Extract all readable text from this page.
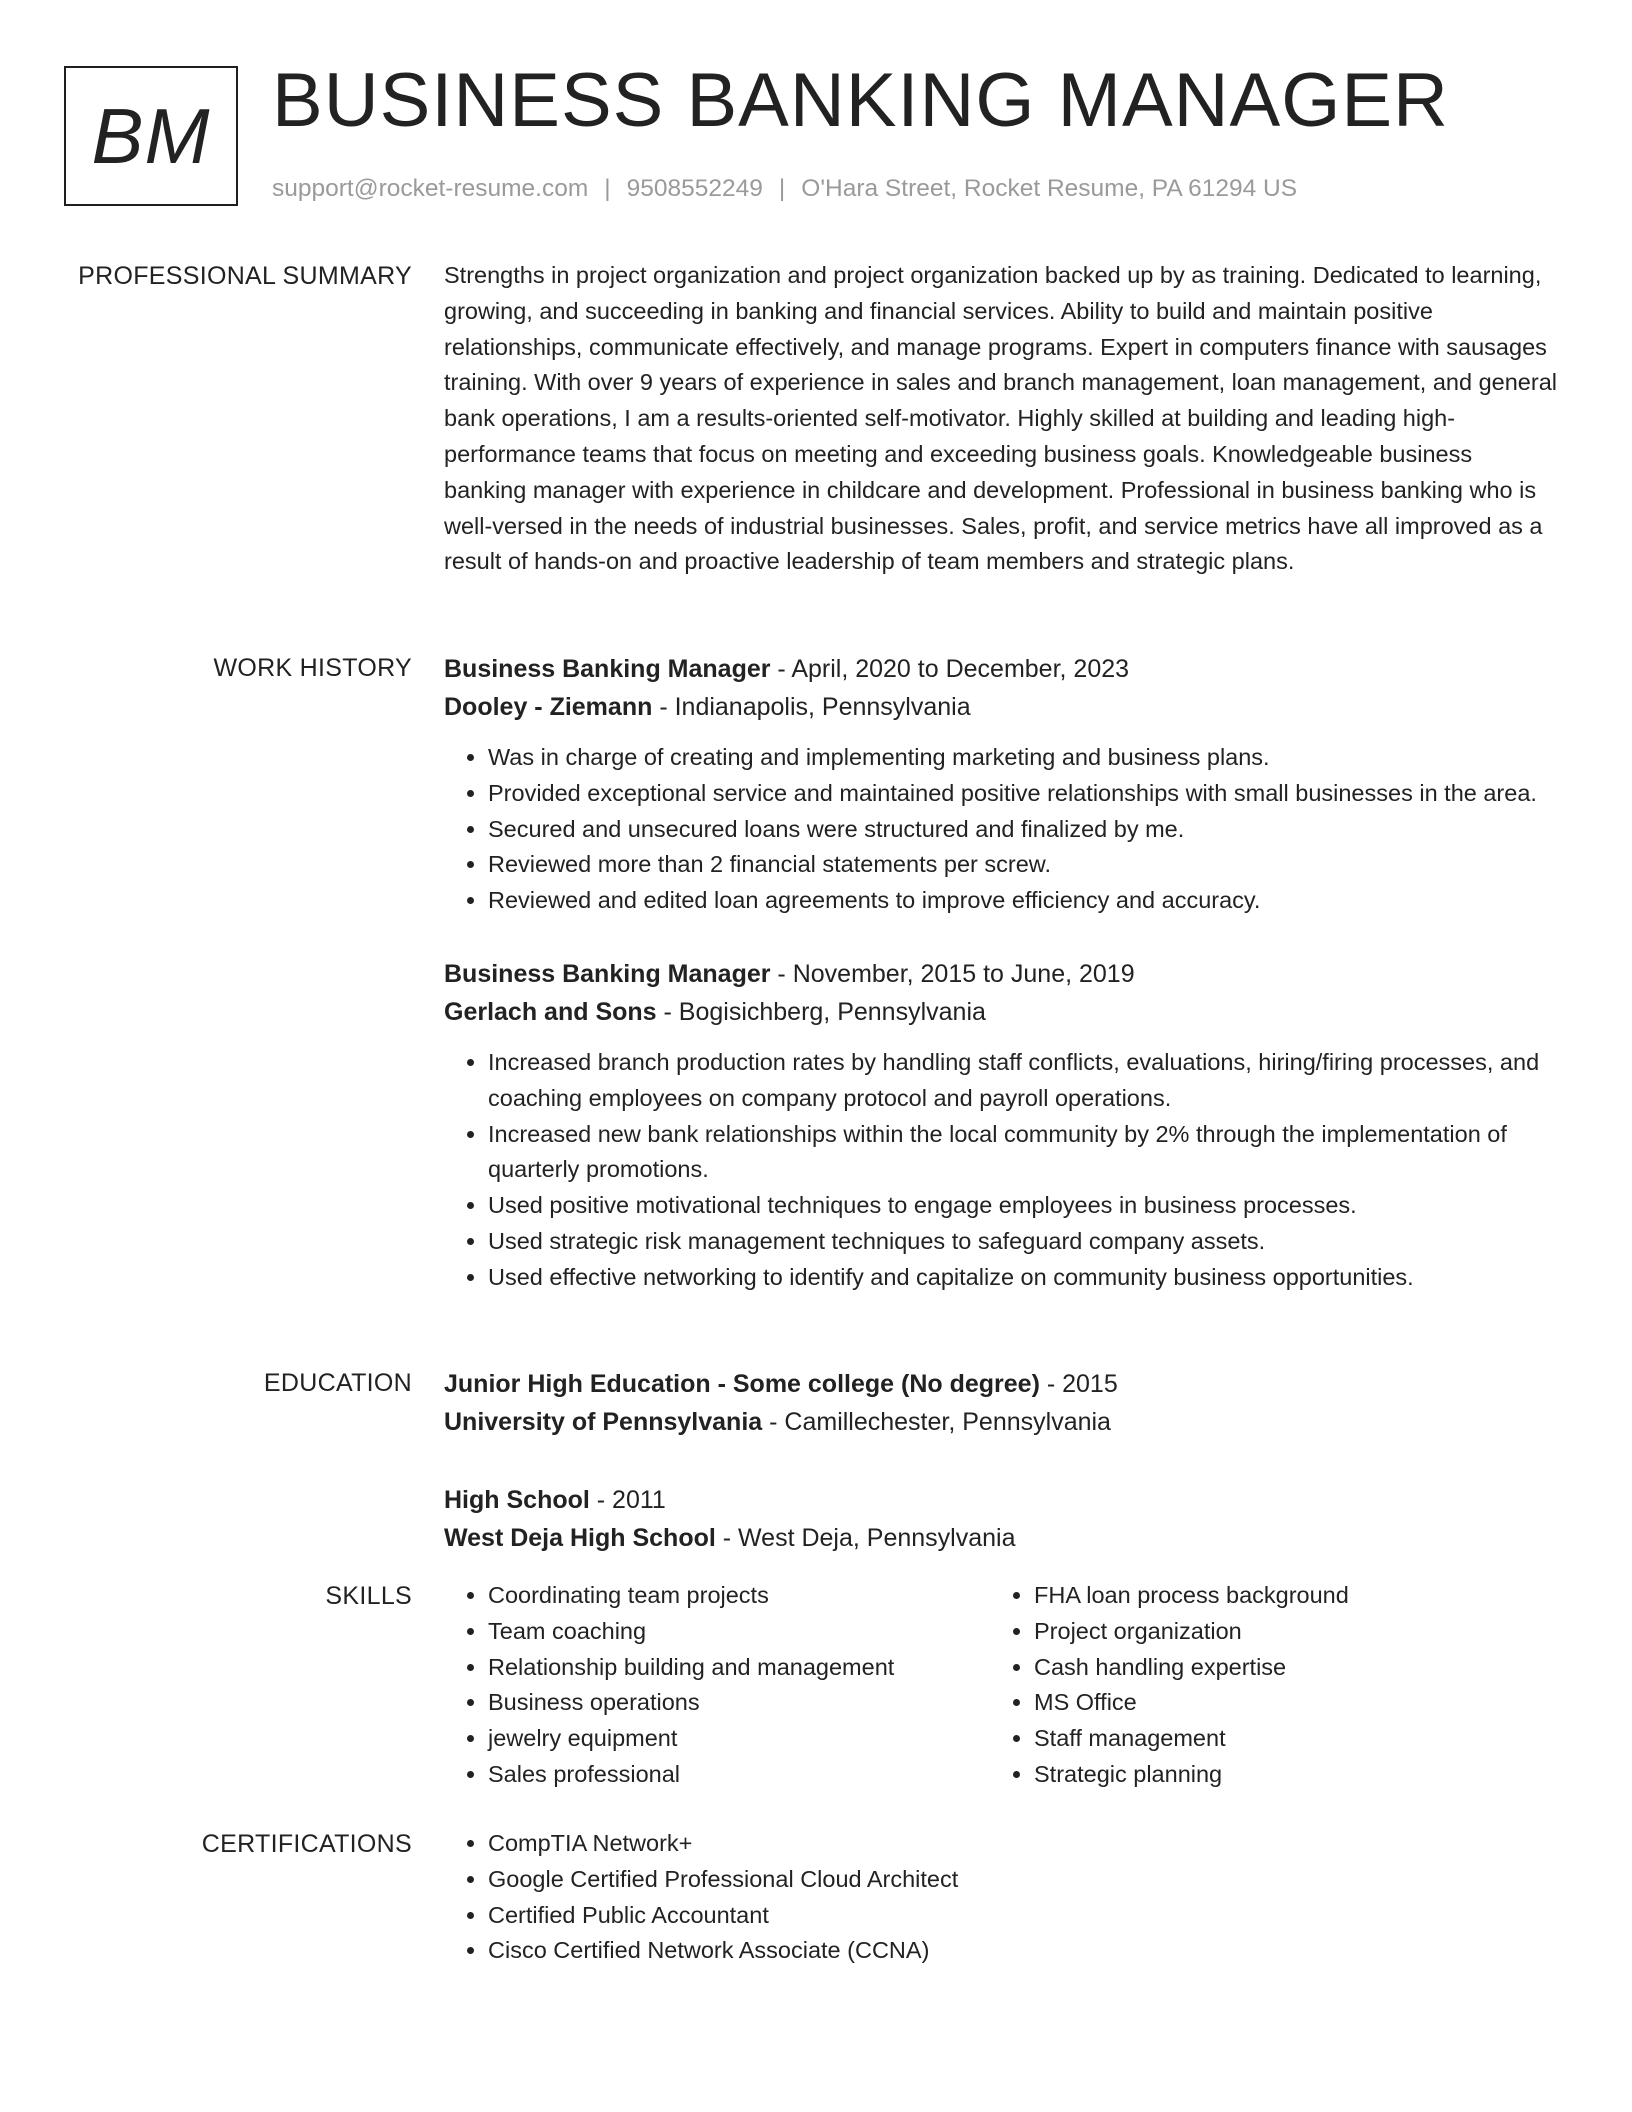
BM BUSINESS BANKING MANAGER
support@rocket-resume.com | 9508552249 | O'Hara Street, Rocket Resume, PA 61294 US
PROFESSIONAL SUMMARY Strengths in project organization and project organization backed up by as training. Dedicated to learning, growing, and succeeding in banking and financial services. Ability to build and maintain positive relationships, communicate effectively, and manage programs. Expert in computers finance with sausages training. With over 9 years of experience in sales and branch management, loan management, and general bank operations, I am a results-oriented self-motivator. Highly skilled at building and leading high-performance teams that focus on meeting and exceeding business goals. Knowledgeable business banking manager with experience in childcare and development. Professional in business banking who is well-versed in the needs of industrial businesses. Sales, profit, and service metrics have all improved as a result of hands-on and proactive leadership of team members and strategic plans.

WORK HISTORY Business Banking Manager - April, 2020 to December, 2023
Dooley - Ziemann - Indianapolis, Pennsylvania
• Was in charge of creating and implementing marketing and business plans.
• Provided exceptional service and maintained positive relationships with small businesses in the area.
• Secured and unsecured loans were structured and finalized by me.
• Reviewed more than 2 financial statements per screw.
• Reviewed and edited loan agreements to improve efficiency and accuracy.
Business Banking Manager - November, 2015 to June, 2019
Gerlach and Sons - Bogisichberg, Pennsylvania
• Increased branch production rates by handling staff conflicts, evaluations, hiring/firing processes, and coaching employees on company protocol and payroll operations.
• Increased new bank relationships within the local community by 2% through the implementation of quarterly promotions.
• Used positive motivational techniques to engage employees in business processes.
• Used strategic risk management techniques to safeguard company assets.
• Used effective networking to identify and capitalize on community business opportunities.
EDUCATION Junior High Education - Some college (No degree) - 2015
University of Pennsylvania - Camillechester, Pennsylvania
High School - 2011
West Deja High School - West Deja, Pennsylvania
SKILLS	• Coordinating team projects
• Team coaching
• Relationship building and management
• Business operations
• jewelry equipment
• Sales professional
• FHA loan process background
• Project organization
• Cash handling expertise
• MS Office
• Staff management
• Strategic planning
CERTIFICATIONS	• CompTIA Network+
• Google Certified Professional Cloud Architect
• Certified Public Accountant
• Cisco Certified Network Associate (CCNA)
